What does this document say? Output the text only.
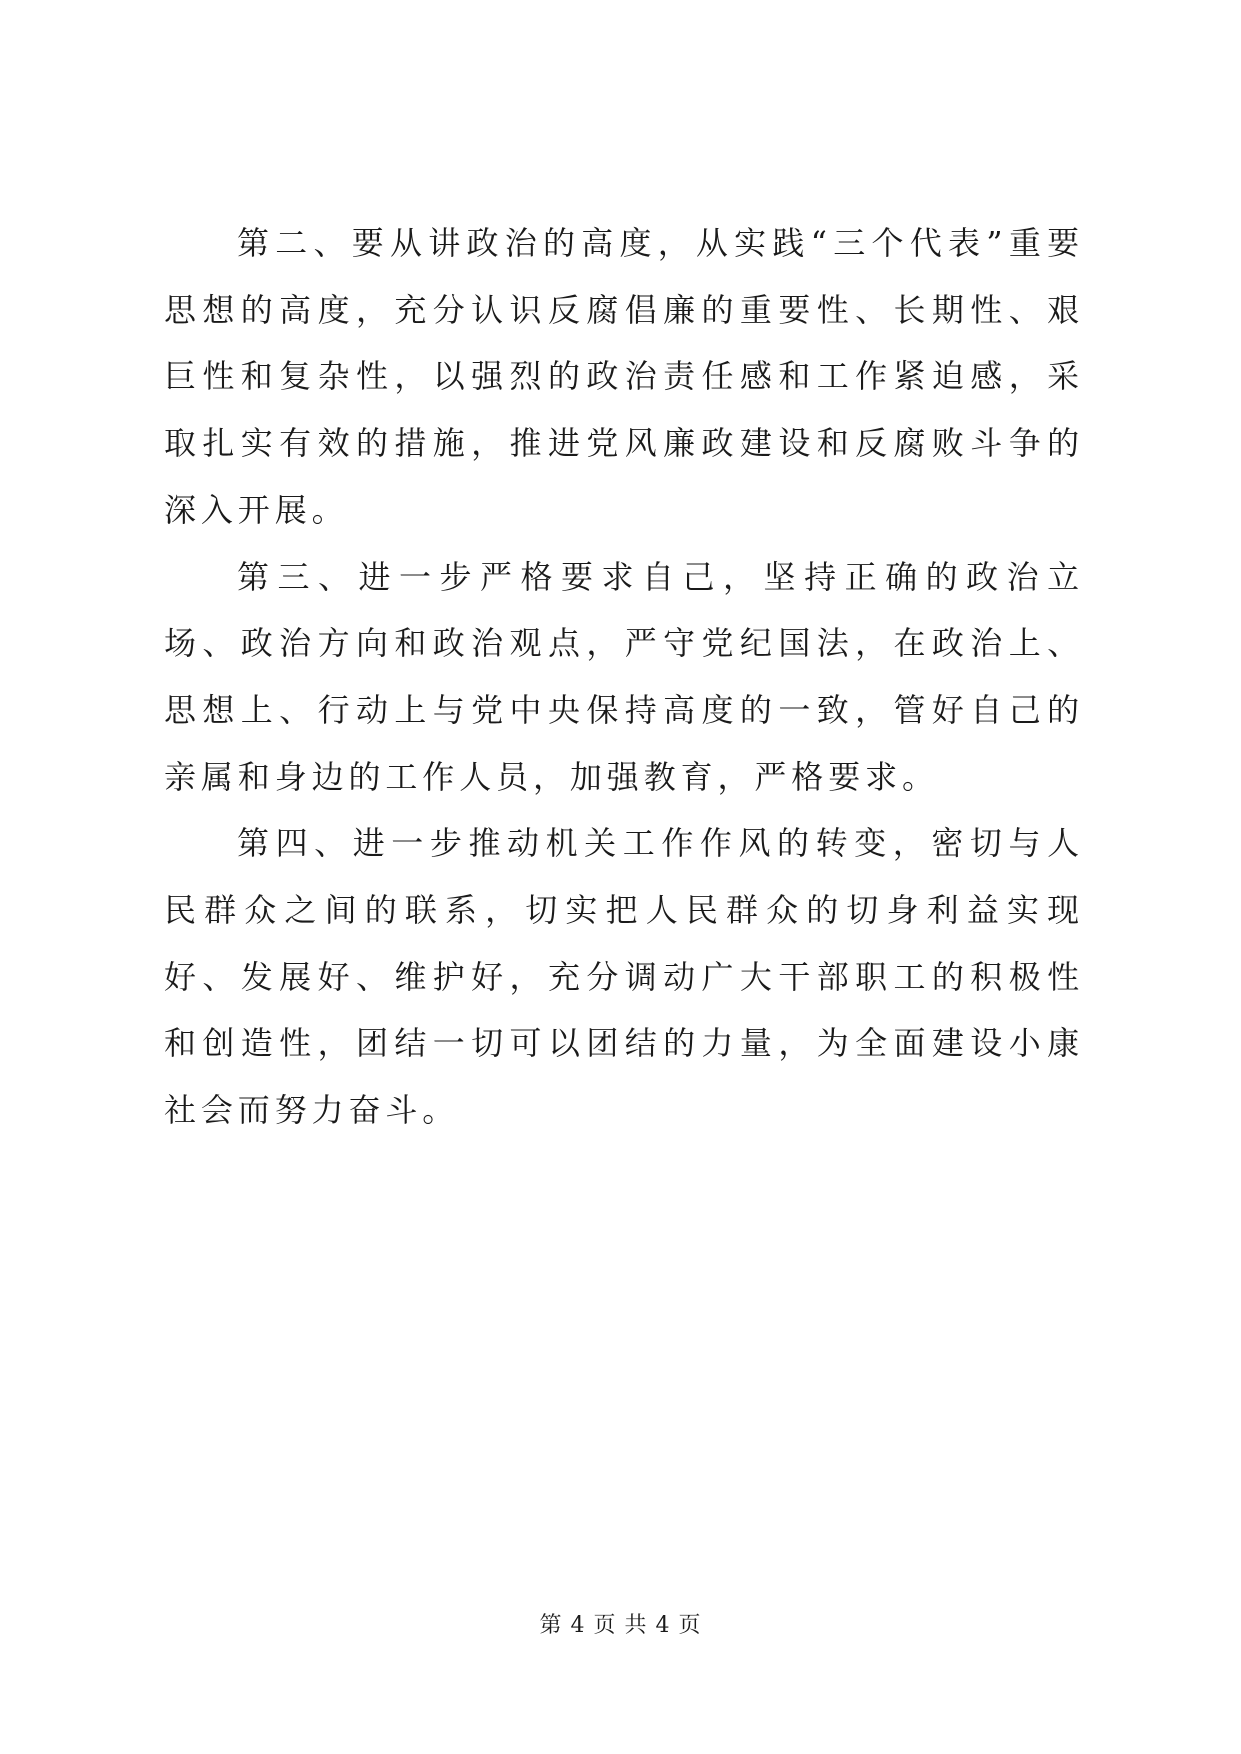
第二、要从讲政治的高度，从实践“三个代表”重要思想的高度，充分认识反腐倡廉的重要性、长期性、艰巨性和复杂性，以强烈的政治责任感和工作紧迫感，采取扎实有效的措施，推进党风廉政建设和反腐败斗争的深入开展。

第三、进一步严格要求自己，坚持正确的政治立场、政治方向和政治观点，严守党纪国法，在政治上、思想上、行动上与党中央保持高度的一致，管好自己的亲属和身边的工作人员，加强教育，严格要求。

第四、进一步推动机关工作作风的转变，密切与人民群众之间的联系，切实把人民群众的切身利益实现好、发展好、维护好，充分调动广大干部职工的积极性和创造性，团结一切可以团结的力量，为全面建设小康社会而努力奋斗。

第 4 页 共 4 页
